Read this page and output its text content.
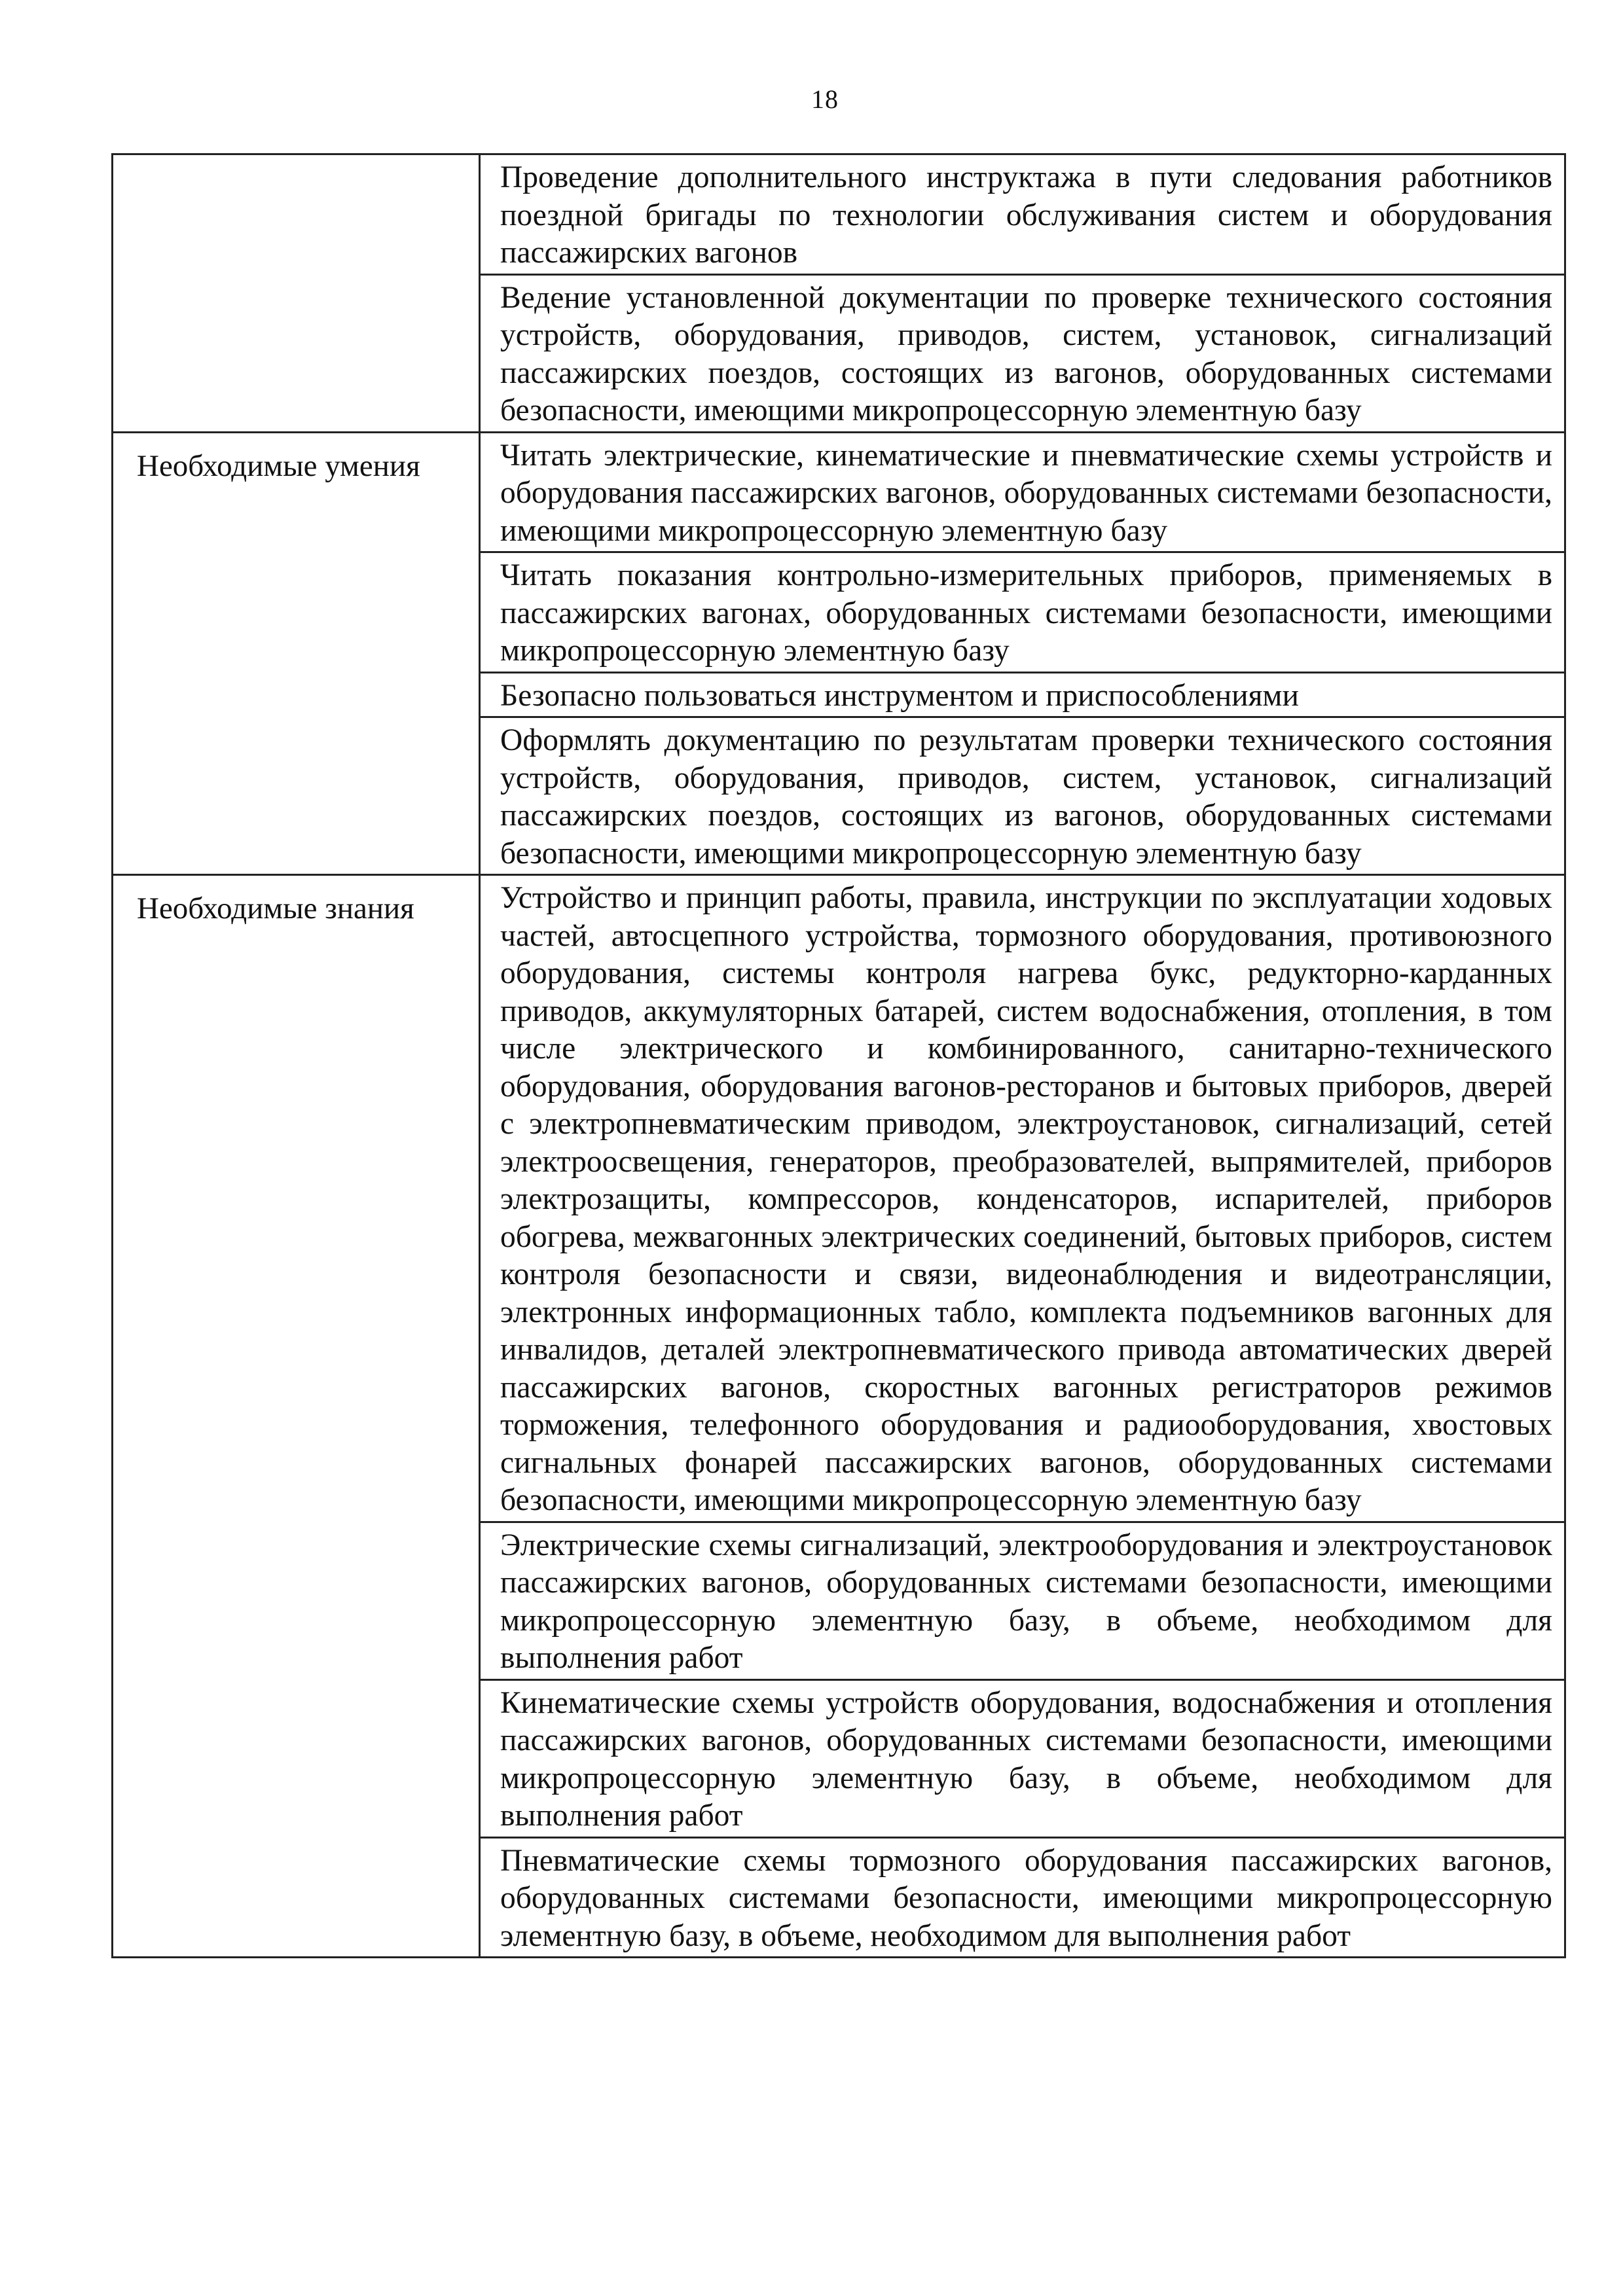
18
	Проведение дополнительного инструктажа в пути следования работников поездной бригады по технологии обслуживания систем и оборудования пассажирских вагонов
	Ведение установленной документации по проверке технического состояния устройств, оборудования, приводов, систем, установок, сигнализаций пассажирских поездов, состоящих из вагонов, оборудованных системами безопасности, имеющими микропроцессорную элементную базу
Необходимые умения	Читать электрические, кинематические и пневматические схемы устройств и оборудования пассажирских вагонов, оборудованных системами безопасности, имеющими микропроцессорную элементную базу
	Читать показания контрольно-измерительных приборов, применяемых в пассажирских вагонах, оборудованных системами безопасности, имеющими микропроцессорную элементную базу
	Безопасно пользоваться инструментом и приспособлениями
	Оформлять документацию по результатам проверки технического состояния устройств, оборудования, приводов, систем, установок, сигнализаций пассажирских поездов, состоящих из вагонов, оборудованных системами безопасности, имеющими микропроцессорную элементную базу
Необходимые знания	Устройство и принцип работы, правила, инструкции по эксплуатации ходовых частей, автосцепного устройства, тормозного оборудования, противоюзного оборудования, системы контроля нагрева букс, редукторно-карданных приводов, аккумуляторных батарей, систем водоснабжения, отопления, в том числе электрического и комбинированного, санитарно-технического оборудования, оборудования вагонов-ресторанов и бытовых приборов, дверей с электропневматическим приводом, электроустановок, сигнализаций, сетей электроосвещения, генераторов, преобразователей, выпрямителей, приборов электрозащиты, компрессоров, конденсаторов, испарителей, приборов обогрева, межвагонных электрических соединений, бытовых приборов, систем контроля безопасности и связи, видеонаблюдения и видеотрансляции, электронных информационных табло, комплекта подъемников вагонных для инвалидов, деталей электропневматического привода автоматических дверей пассажирских вагонов, скоростных вагонных регистраторов режимов торможения, телефонного оборудования и радиооборудования, хвостовых сигнальных фонарей пассажирских вагонов, оборудованных системами безопасности, имеющими микропроцессорную элементную базу
	Электрические схемы сигнализаций, электрооборудования и электроустановок пассажирских вагонов, оборудованных системами безопасности, имеющими микропроцессорную элементную базу, в объеме, необходимом для выполнения работ
	Кинематические схемы устройств оборудования, водоснабжения и отопления пассажирских вагонов, оборудованных системами безопасности, имеющими микропроцессорную элементную базу, в объеме, необходимом для выполнения работ
	Пневматические схемы тормозного оборудования пассажирских вагонов, оборудованных системами безопасности, имеющими микропроцессорную элементную базу, в объеме, необходимом для выполнения работ
